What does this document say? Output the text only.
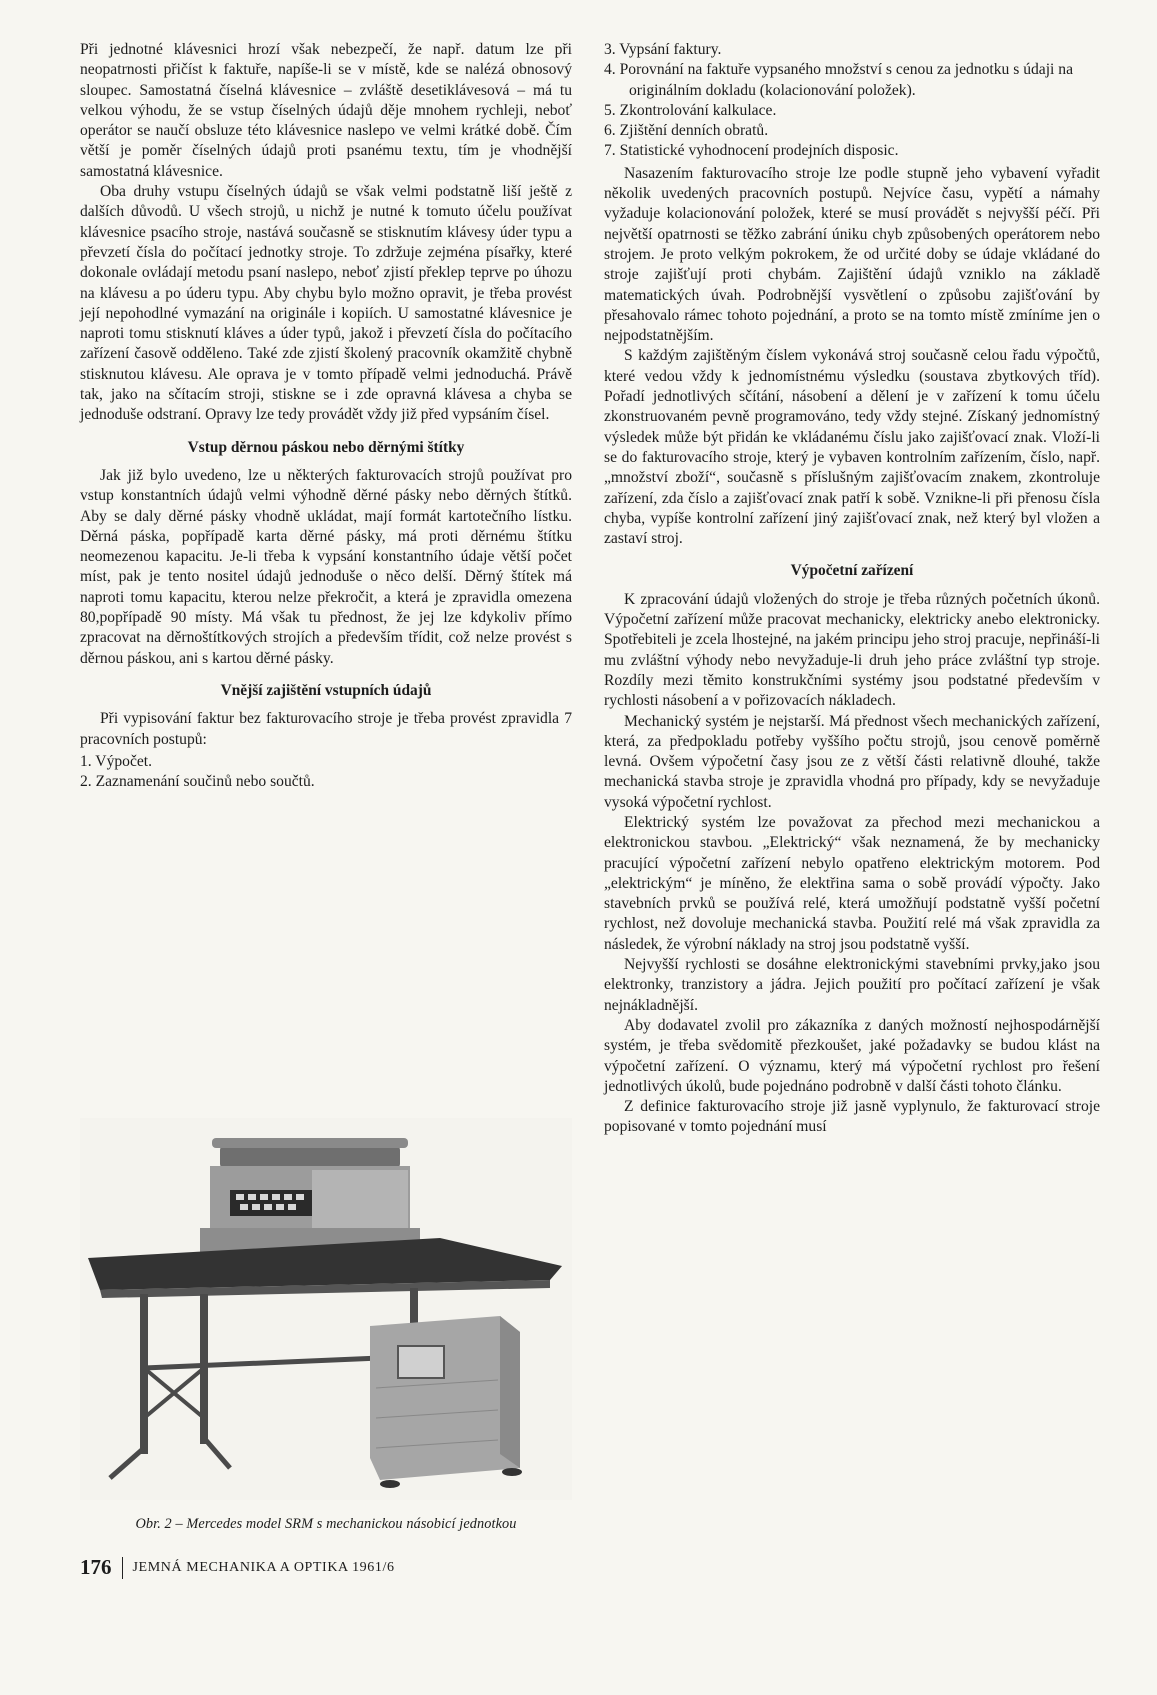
Při jednotné klávesnici hrozí však nebezpečí, že např. datum lze při neopatrnosti přičíst k faktuře, napíše-li se v místě, kde se nalézá obnosový sloupec. Samostatná číselná klávesnice – zvláště desetiklávesová – má tu velkou výhodu, že se vstup číselných údajů děje mnohem rychleji, neboť operátor se naučí obsluze této klávesnice naslepo ve velmi krátké době. Čím větší je poměr číselných údajů proti psanému textu, tím je vhodnější samostatná klávesnice.

Oba druhy vstupu číselných údajů se však velmi podstatně liší ještě z dalších důvodů. U všech strojů, u nichž je nutné k tomuto účelu používat klávesnice psacího stroje, nastává současně se stisknutím klávesy úder typu a převzetí čísla do počítací jednotky stroje. To zdržuje zejména písařky, které dokonale ovládají metodu psaní naslepo, neboť zjistí překlep teprve po úhozu na klávesu a po úderu typu. Aby chybu bylo možno opravit, je třeba provést její nepohodlné vymazání na originále i kopiích. U samostatné klávesnice je naproti tomu stisknutí kláves a úder typů, jakož i převzetí čísla do počítacího zařízení časově odděleno. Také zde zjistí školený pracovník okamžitě chybně stisknutou klávesu. Ale oprava je v tomto případě velmi jednoduchá. Právě tak, jako na sčítacím stroji, stiskne se i zde opravná klávesa a chyba se jednoduše odstraní. Opravy lze tedy provádět vždy již před vypsáním čísel.

Vstup děrnou páskou nebo děrnými štítky

Jak již bylo uvedeno, lze u některých fakturovacích strojů používat pro vstup konstantních údajů velmi výhodně děrné pásky nebo děrných štítků. Aby se daly děrné pásky vhodně ukládat, mají formát kartotečního lístku. Děrná páska, popřípadě karta děrné pásky, má proti děrnému štítku neomezenou kapacitu. Je-li třeba k vypsání konstantního údaje větší počet míst, pak je tento nositel údajů jednoduše o něco delší. Děrný štítek má naproti tomu kapacitu, kterou nelze překročit, a která je zpravidla omezena 80,popřípadě 90 místy. Má však tu přednost, že jej lze kdykoliv přímo zpracovat na děrnoštítkových strojích a především třídit, což nelze provést s děrnou páskou, ani s kartou děrné pásky.

Vnější zajištění vstupních údajů

Při vypisování faktur bez fakturovacího stroje je třeba provést zpravidla 7 pracovních postupů:

1. Výpočet.
2. Zaznamenání součinů nebo součtů.
Obr. 2 – Mercedes model SRM s mechanickou násobicí jednotkou
3. Vypsání faktury.
4. Porovnání na faktuře vypsaného množství s cenou za jednotku s údaji na originálním dokladu (kolacionování položek).
5. Zkontrolování kalkulace.
6. Zjištění denních obratů.
7. Statistické vyhodnocení prodejních disposic.

Nasazením fakturovacího stroje lze podle stupně jeho vybavení vyřadit několik uvedených pracovních postupů. Nejvíce času, vypětí a námahy vyžaduje kolacionování položek, které se musí provádět s nejvyšší péčí. Při největší opatrnosti se těžko zabrání úniku chyb způsobených operátorem nebo strojem. Je proto velkým pokrokem, že od určité doby se údaje vkládané do stroje zajišťují proti chybám. Zajištění údajů vzniklo na základě matematických úvah. Podrobnější vysvětlení o způsobu zajišťování by přesahovalo rámec tohoto pojednání, a proto se na tomto místě zmíníme jen o nejpodstatnějším.

S každým zajištěným číslem vykonává stroj současně celou řadu výpočtů, které vedou vždy k jednomístnému výsledku (soustava zbytkových tříd). Pořadí jednotlivých sčítání, násobení a dělení je v zařízení k tomu účelu zkonstruovaném pevně programováno, tedy vždy stejné. Získaný jednomístný výsledek může být přidán ke vkládanému číslu jako zajišťovací znak. Vloží-li se do fakturovacího stroje, který je vybaven kontrolním zařízením, číslo, např. „množství zboží“, současně s příslušným zajišťovacím znakem, zkontroluje zařízení, zda číslo a zajišťovací znak patří k sobě. Vznikne-li při přenosu čísla chyba, vypíše kontrolní zařízení jiný zajišťovací znak, než který byl vložen a zastaví stroj.

Výpočetní zařízení

K zpracování údajů vložených do stroje je třeba různých početních úkonů. Výpočetní zařízení může pracovat mechanicky, elektricky anebo elektronicky. Spotřebiteli je zcela lhostejné, na jakém principu jeho stroj pracuje, nepřináší-li mu zvláštní výhody nebo nevyžaduje-li druh jeho práce zvláštní typ stroje. Rozdíly mezi těmito konstrukčními systémy jsou podstatné především v rychlosti násobení a v pořizovacích nákladech.

Mechanický systém je nejstarší. Má přednost všech mechanických zařízení, která, za předpokladu potřeby vyššího počtu strojů, jsou cenově poměrně levná. Ovšem výpočetní časy jsou ze z větší části relativně dlouhé, takže mechanická stavba stroje je zpravidla vhodná pro případy, kdy se nevyžaduje vysoká výpočetní rychlost.

Elektrický systém lze považovat za přechod mezi mechanickou a elektronickou stavbou. „Elektrický“ však neznamená, že by mechanicky pracující výpočetní zařízení nebylo opatřeno elektrickým motorem. Pod „elektrickým“ je míněno, že elektřina sama o sobě provádí výpočty. Jako stavebních prvků se používá relé, která umožňují podstatně vyšší početní rychlost, než dovoluje mechanická stavba. Použití relé má však zpravidla za následek, že výrobní náklady na stroj jsou podstatně vyšší.

Nejvyšší rychlosti se dosáhne elektronickými stavebními prvky,jako jsou elektronky, tranzistory a jádra. Jejich použití pro počítací zařízení je však nejnákladnější.

Aby dodavatel zvolil pro zákazníka z daných možností nejhospodárnější systém, je třeba svědomitě přezkoušet, jaké požadavky se budou klást na výpočetní zařízení. O významu, který má výpočetní rychlost pro řešení jednotlivých úkolů, bude pojednáno podrobně v další části tohoto článku.

Z definice fakturovacího stroje již jasně vyplynulo, že fakturovací stroje popisované v tomto pojednání musí

176 JEMNÁ MECHANIKA A OPTIKA 1961/6
